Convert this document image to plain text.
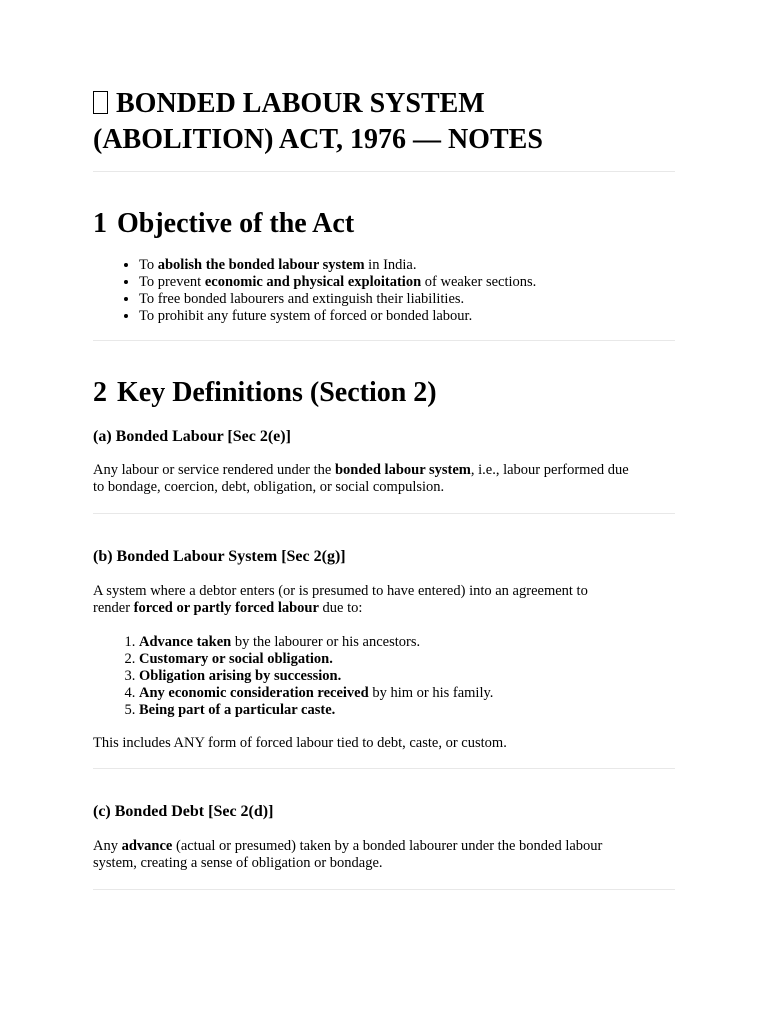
BONDED LABOUR SYSTEM
(ABOLITION) ACT, 1976 — NOTES
1 Objective of the Act
• To abolish the bonded labour system in India.
• To prevent economic and physical exploitation of weaker sections.
• To free bonded labourers and extinguish their liabilities.
• To prohibit any future system of forced or bonded labour.
2 Key Definitions (Section 2)
(a) Bonded Labour [Sec 2(e)]

Any labour or service rendered under the bonded labour system, i.e., labour performed due
to bondage, coercion, debt, obligation, or social compulsion.

(b) Bonded Labour System [Sec 2(g)]

A system where a debtor enters (or is presumed to have entered) into an agreement to
render forced or partly forced labour due to:

1. Advance taken by the labourer or his ancestors.
2. Customary or social obligation.
3. Obligation arising by succession.
4. Any economic consideration received by him or his family.
5. Being part of a particular caste.

This includes ANY form of forced labour tied to debt, caste, or custom.

(c) Bonded Debt [Sec 2(d)]

Any advance (actual or presumed) taken by a bonded labourer under the bonded labour
system, creating a sense of obligation or bondage.
